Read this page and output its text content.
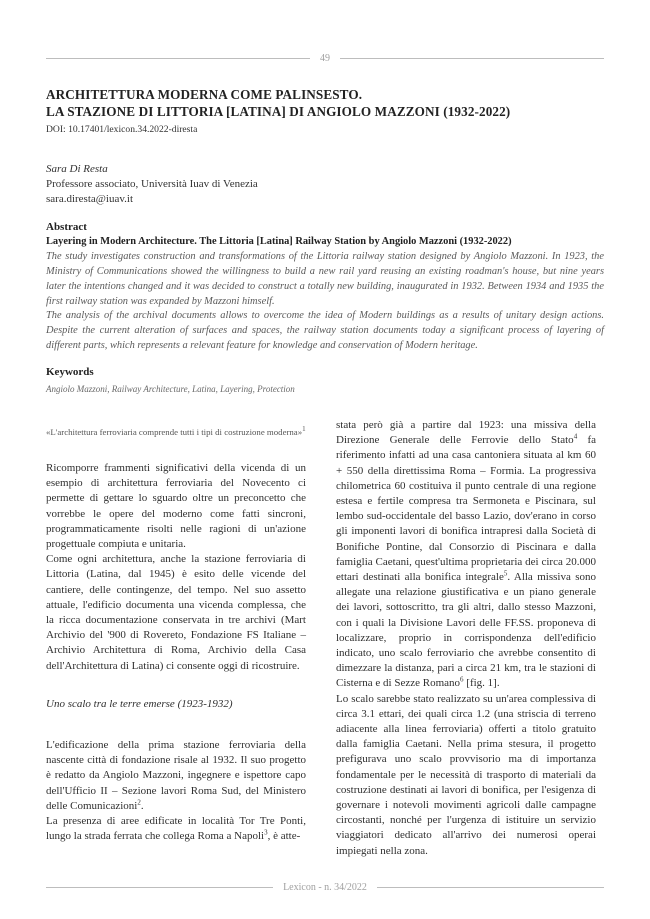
49
ARCHITETTURA MODERNA COME PALINSESTO.
LA STAZIONE DI LITTORIA [LATINA] DI ANGIOLO MAZZONI (1932-2022)
DOI: 10.17401/lexicon.34.2022-diresta
Sara Di Resta
Professore associato, Università Iuav di Venezia
sara.diresta@iuav.it
Abstract
Layering in Modern Architecture. The Littoria [Latina] Railway Station by Angiolo Mazzoni (1932-2022)
The study investigates construction and transformations of the Littoria railway station designed by Angiolo Mazzoni. In 1923, the Ministry of Communications showed the willingness to build a new rail yard reusing an existing roadman's house, but nine years later the intentions changed and it was decided to construct a totally new building, inaugurated in 1932. Between 1934 and 1935 the first railway station was expanded by Mazzoni himself.
The analysis of the archival documents allows to overcome the idea of Modern buildings as a results of unitary design actions. Despite the current alteration of surfaces and spaces, the railway station documents today a significant process of layering of different parts, which represents a relevant feature for knowledge and conservation of Modern heritage.
Keywords
Angiolo Mazzoni, Railway Architecture, Latina, Layering, Protection

«L'architettura ferroviaria comprende tutti i tipi di costruzione moderna»$^1$

Ricomporre frammenti significativi della vicenda di un esempio di architettura ferroviaria del Novecento ci permette di gettare lo sguardo oltre un preconcetto che vorrebbe le opere del moderno come fatti sincroni, programmaticamente risolti nelle ragioni di un'azione progettuale compiuta e unitaria.

Come ogni architettura, anche la stazione ferroviaria di Littoria (Latina, dal 1945) è esito delle vicende del cantiere, delle contingenze, del tempo. Nel suo assetto attuale, l'edificio documenta una vicenda complessa, che la ricca documentazione conservata in tre archivi (Mart Archivio del '900 di Rovereto, Fondazione FS Italiane – Archivio Architettura di Roma, Archivio della Casa dell'Architettura di Latina) ci consente oggi di ricostruire.

Uno scalo tra le terre emerse (1923-1932)

L'edificazione della prima stazione ferroviaria della nascente città di fondazione risale al 1932. Il suo progetto è redatto da Angiolo Mazzoni, ingegnere e ispettore capo dell'Ufficio II – Sezione lavori Roma Sud, del Ministero delle Comunicazioni$^2$.

La presenza di aree edificate in località Tor Tre Ponti, lungo la strada ferrata che collega Roma a Napoli$^3$, è atte-

stata però già a partire dal 1923: una missiva della Direzione Generale delle Ferrovie dello Stato$^4$ fa riferimento infatti ad una casa cantoniera situata al km 60 + 550 della direttissima Roma – Formia. La progressiva chilometrica 60 costituiva il punto centrale di una regione estesa e fertile compresa tra Sermoneta e Piscinara, sul lembo sud-occidentale del basso Lazio, dov'erano in corso gli imponenti lavori di bonifica intrapresi dalla Società di Bonifiche Pontine, dal Consorzio di Piscinara e dalla famiglia Caetani, quest'ultima proprietaria dei circa 20.000 ettari destinati alla bonifica integrale$^5$. Alla missiva sono allegate una relazione giustificativa e un piano generale dei lavori, sottoscritto, tra gli altri, dallo stesso Mazzoni, con i quali la Divisione Lavori delle FF.SS. proponeva di localizzare, proprio in corrispondenza dell'edificio indicato, uno scalo ferroviario che avrebbe consentito di dimezzare la distanza, pari a circa 21 km, tra le stazioni di Cisterna e di Sezze Romano$^6$ [fig. 1].

Lo scalo sarebbe stato realizzato su un'area complessiva di circa 3.1 ettari, dei quali circa 1.2 (una striscia di terreno adiacente alla linea ferroviaria) offerti a titolo gratuito dalla famiglia Caetani. Nella prima stesura, il progetto prefigurava uno scalo provvisorio ma di importanza fondamentale per le necessità di trasporto di materiali da costruzione destinati ai lavori di bonifica, per l'esigenza di governare i notevoli movimenti agricoli dalle campagne circostanti, nonché per l'urgenza di istituire un servizio viaggiatori dedicato all'arrivo dei numerosi operai impiegati nella zona.

Lexicon - n. 34/2022
